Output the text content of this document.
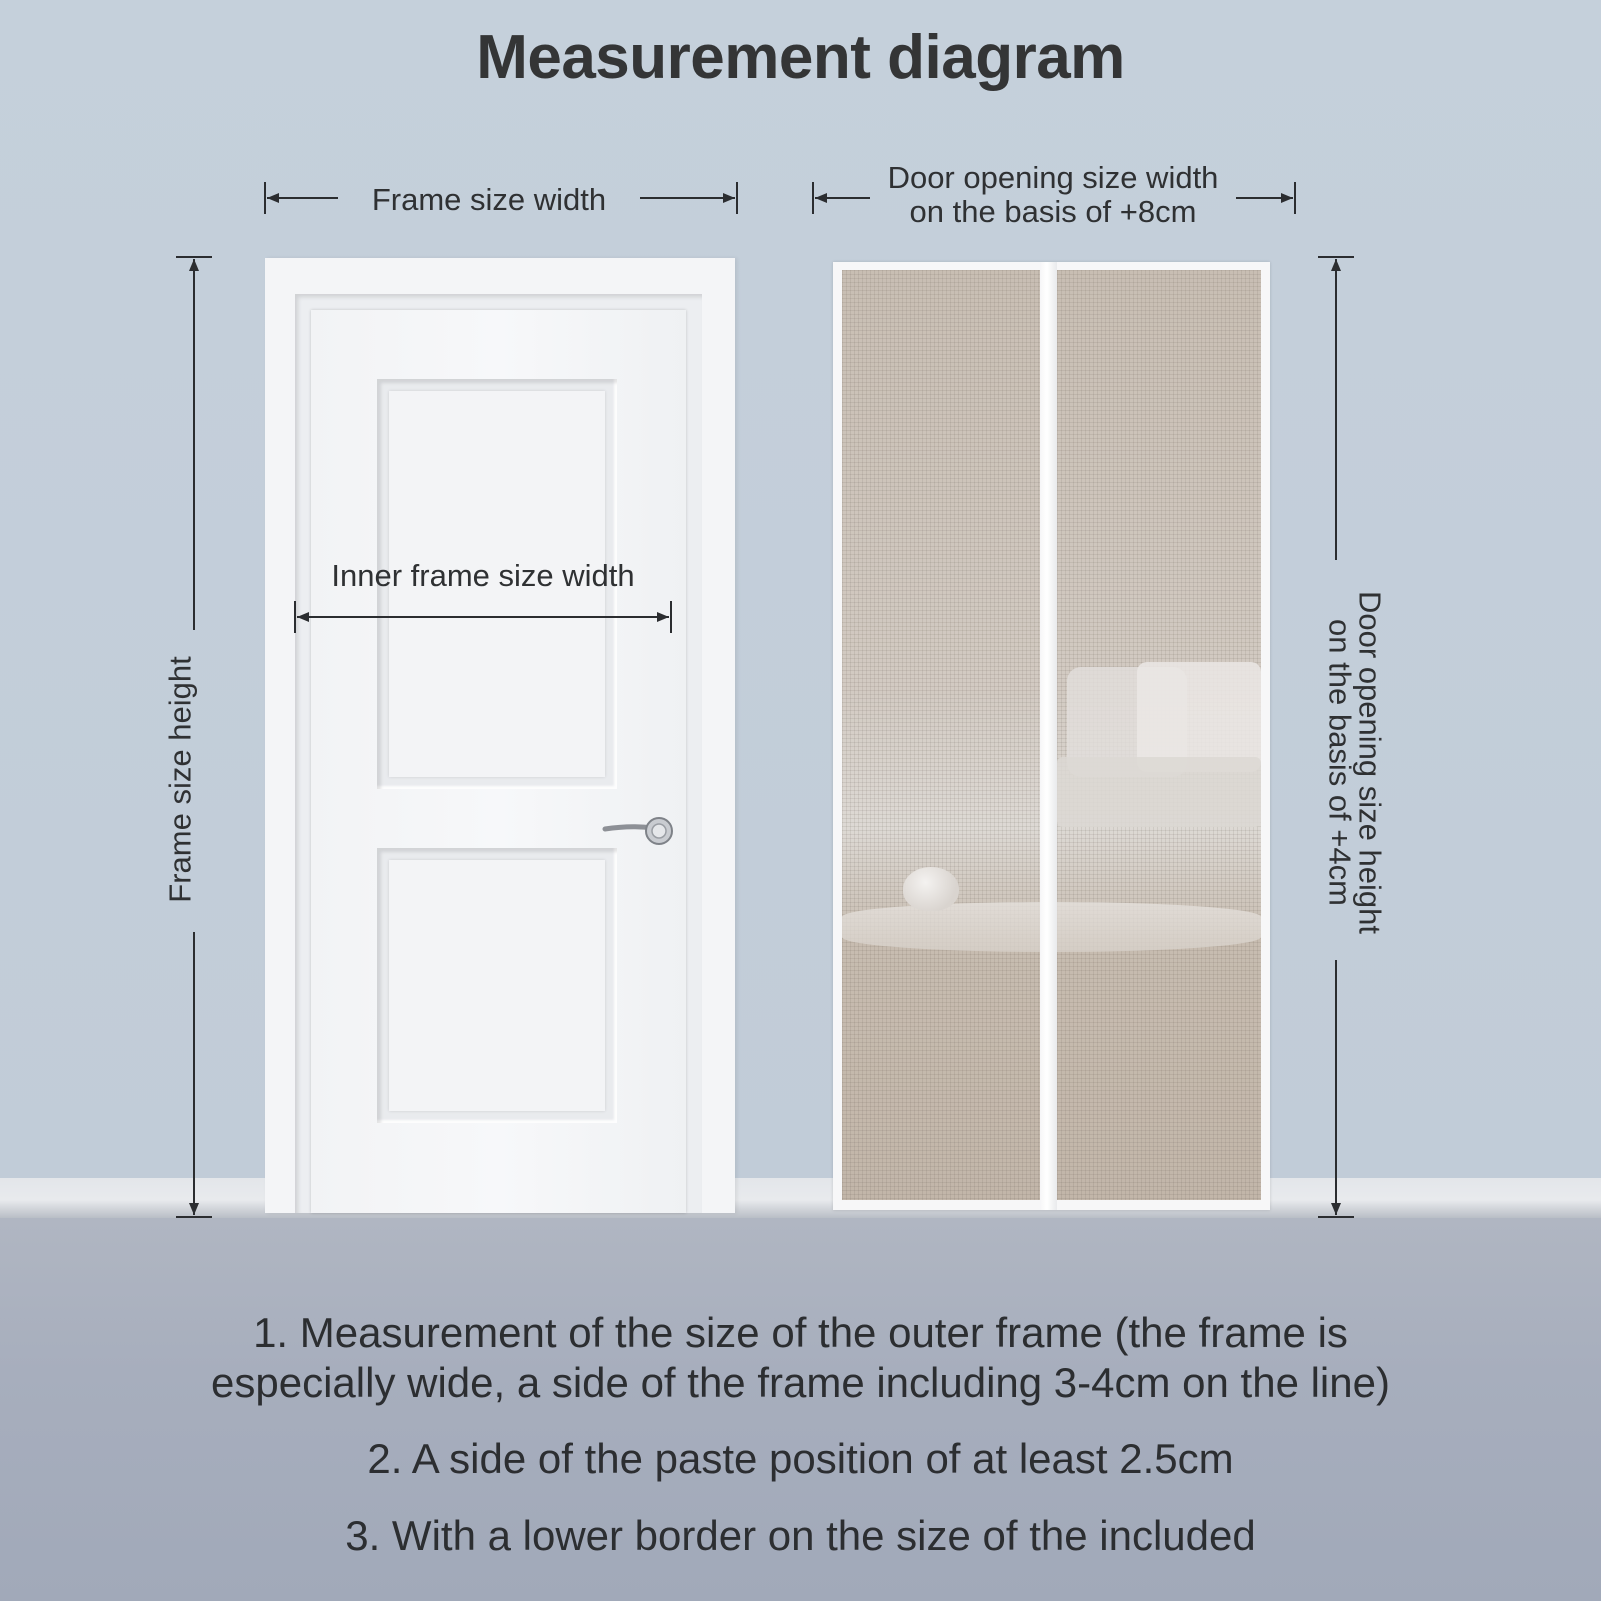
Measurement diagram
Frame size width
Door opening size width
on the basis of +8cm
Inner frame size width
Frame size height	Door opening size height
on the basis of +4cm
1. Measurement of the size of the outer frame (the frame is
especially wide, a side of the frame including 3-4cm on the line)
2. A side of the paste position of at least 2.5cm
3. With a lower border on the size of the included
